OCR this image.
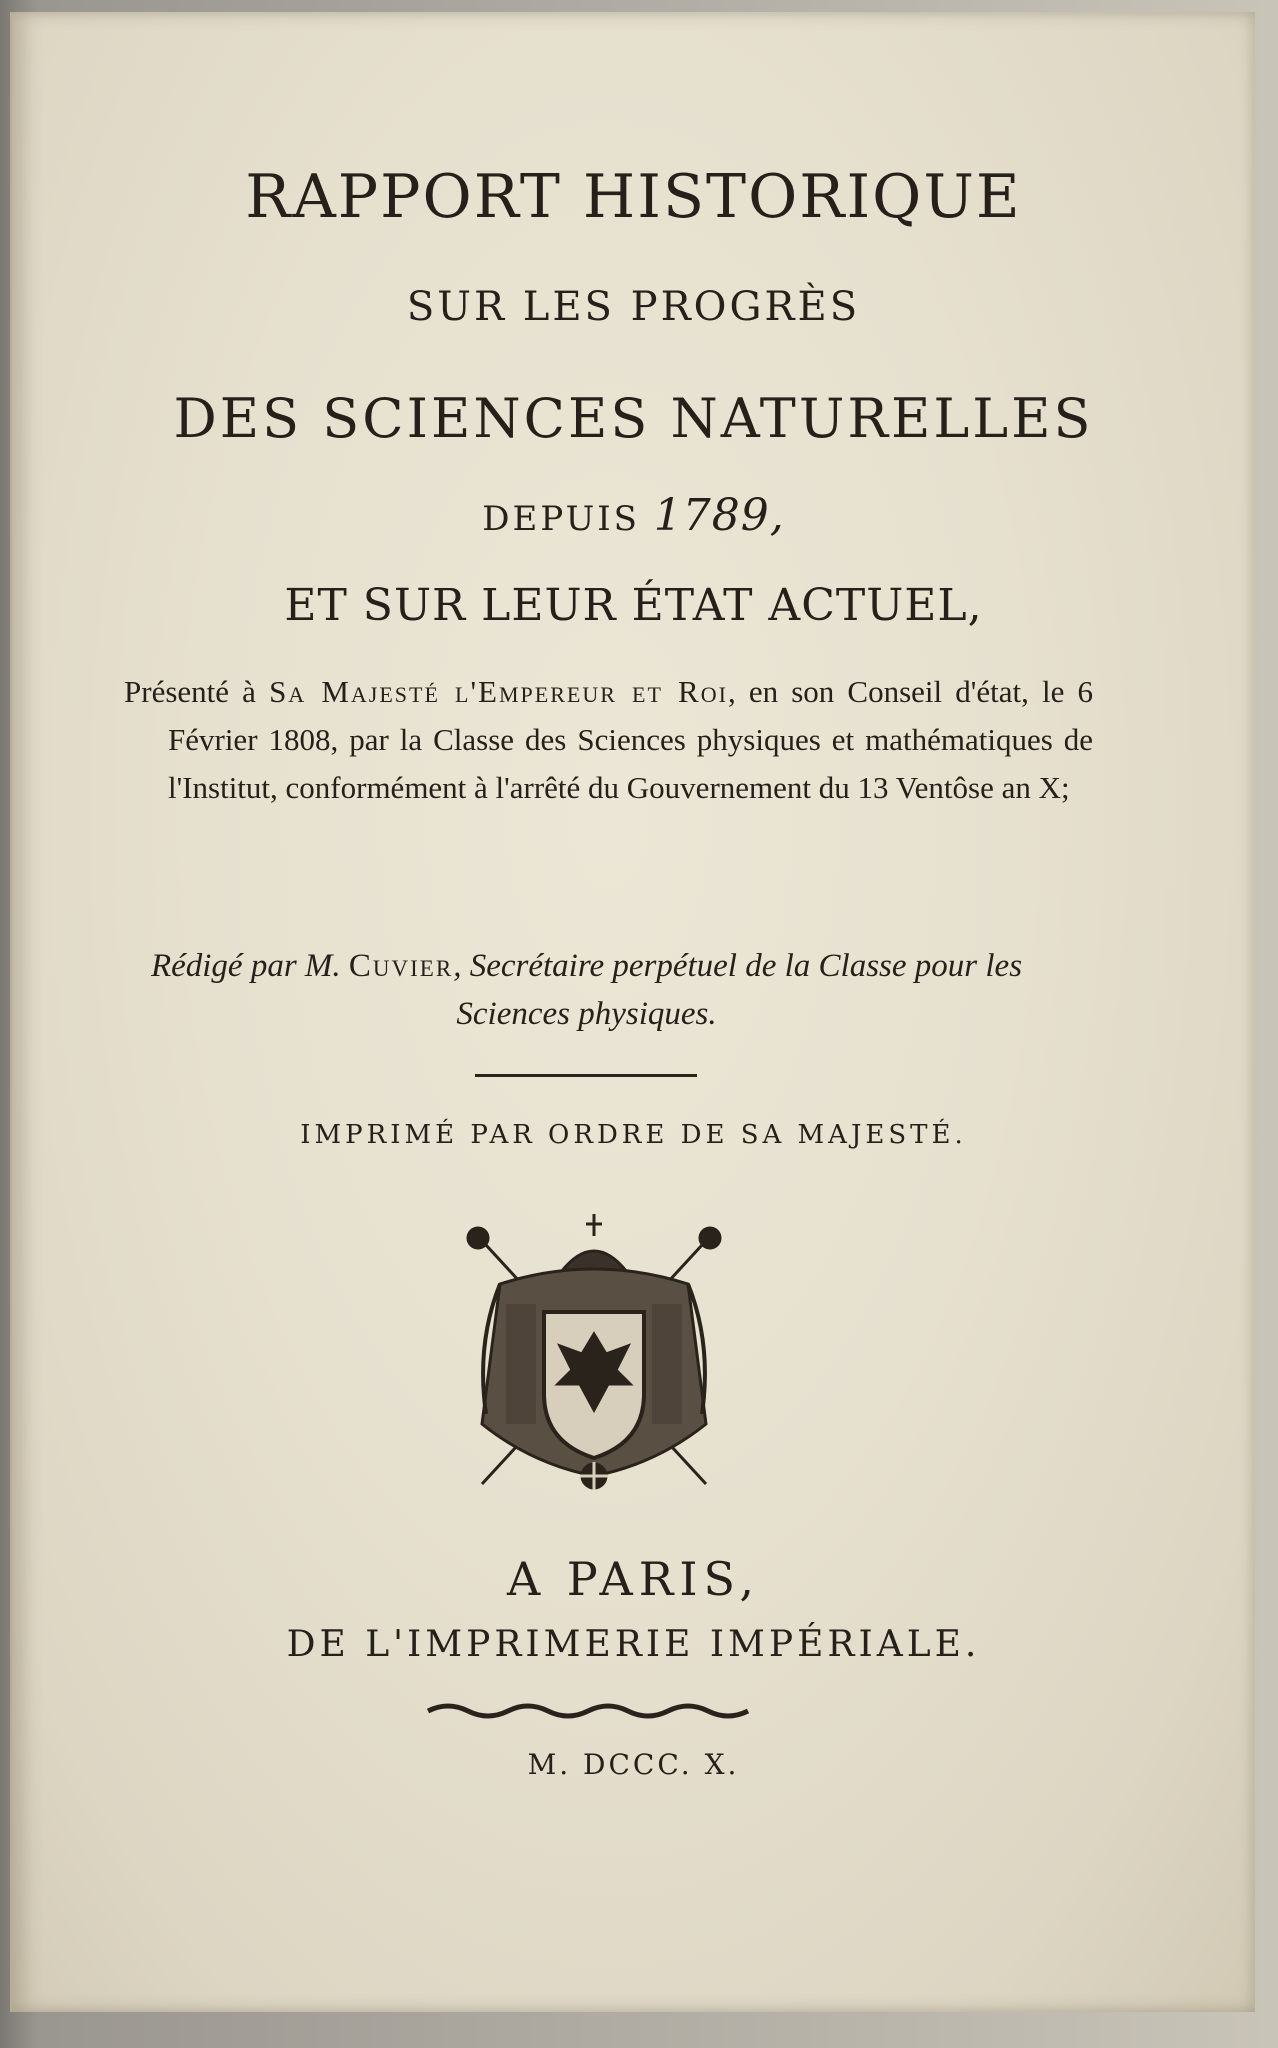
RAPPORT HISTORIQUE
SUR LES PROGRÈS
DES SCIENCES NATURELLES
DEPUIS 1789,
ET SUR LEUR ÉTAT ACTUEL,
Présenté à Sa Majesté l'Empereur et Roi, en son Conseil d'état, le 6 Février 1808, par la Classe des Sciences physiques et mathématiques de l'Institut, conformément à l'arrêté du Gouvernement du 13 Ventôse an X;
Rédigé par M. Cuvier, Secrétaire perpétuel de la Classe pour les Sciences physiques.
IMPRIMÉ PAR ORDRE DE SA MAJESTÉ.
A PARIS,
DE L'IMPRIMERIE IMPÉRIALE.
M. DCCC. X.
